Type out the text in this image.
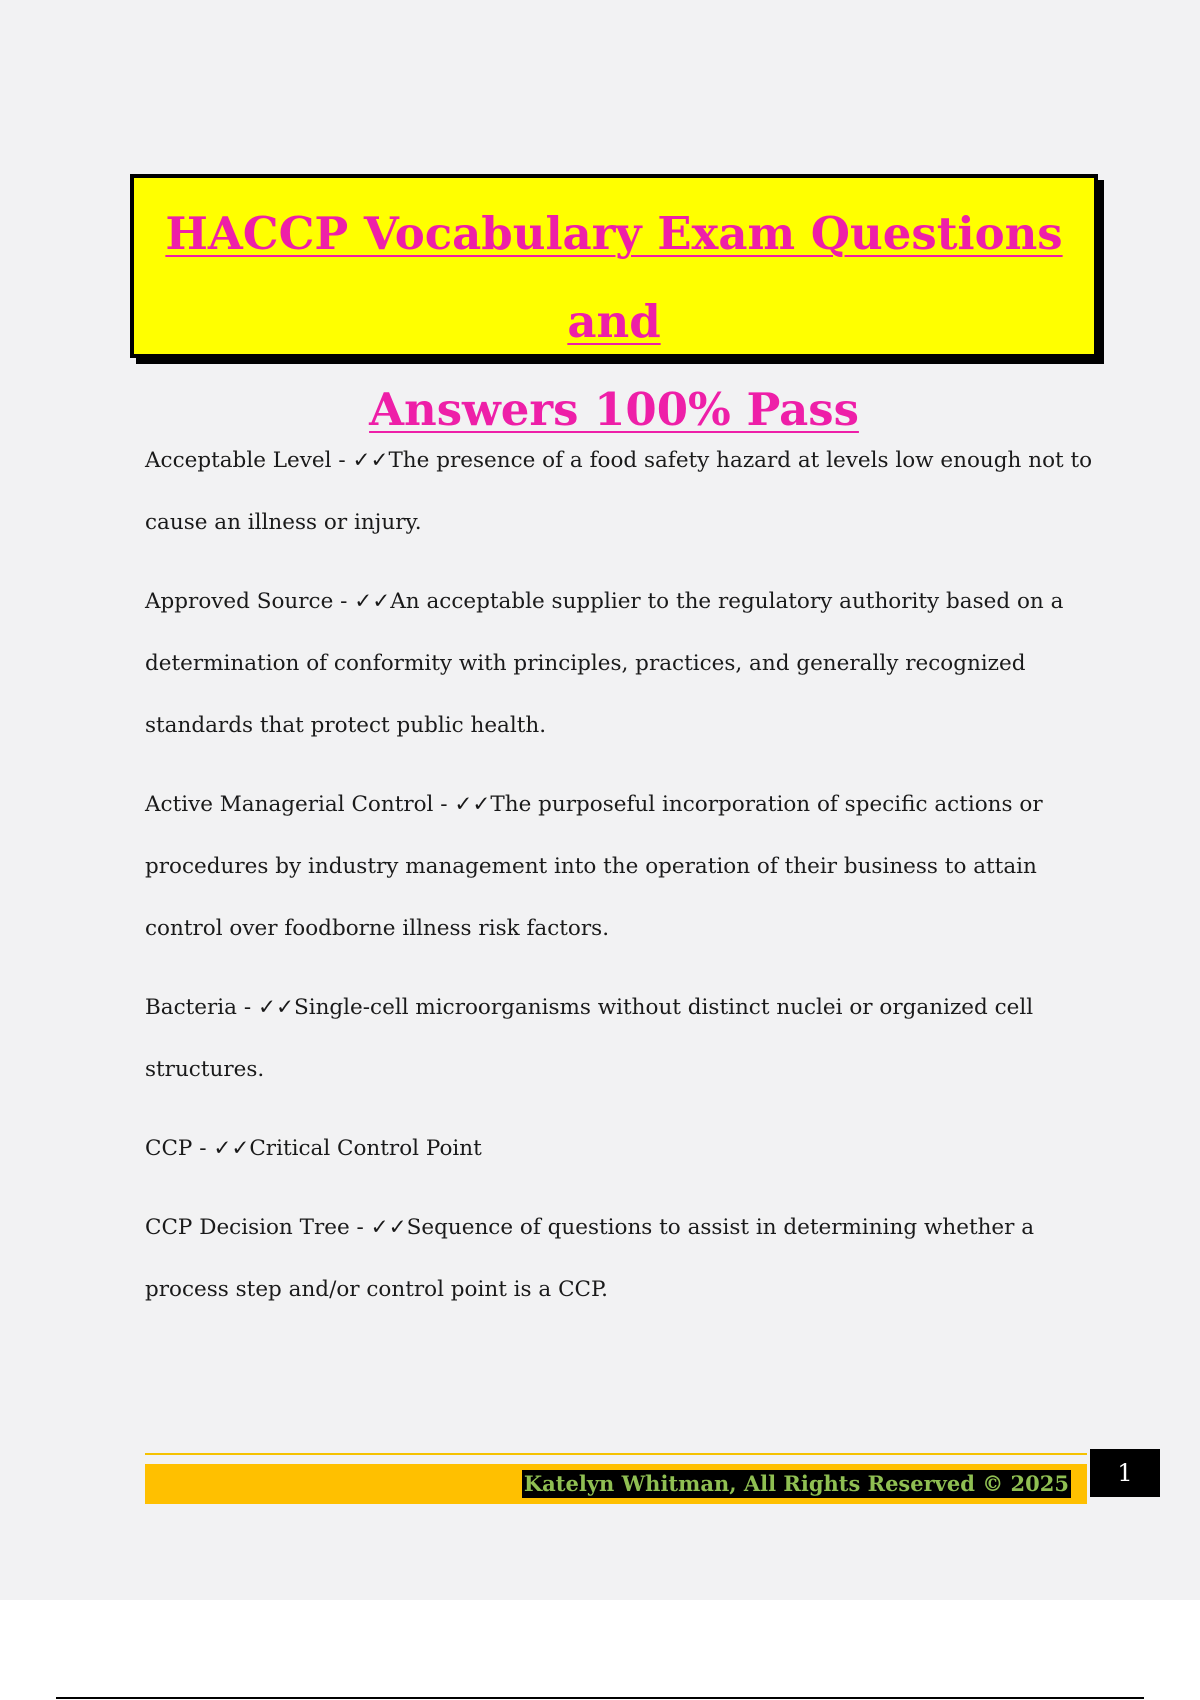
HACCP Vocabulary Exam Questions and
Answers 100% Pass

Acceptable Level - ✓✓The presence of a food safety hazard at levels low enough not to cause an illness or injury.

Approved Source - ✓✓An acceptable supplier to the regulatory authority based on a determination of conformity with principles, practices, and generally recognized standards that protect public health.

Active Managerial Control - ✓✓The purposeful incorporation of specific actions or procedures by industry management into the operation of their business to attain control over foodborne illness risk factors.

Bacteria - ✓✓Single-cell microorganisms without distinct nuclei or organized cell structures.

CCP - ✓✓Critical Control Point

CCP Decision Tree - ✓✓Sequence of questions to assist in determining whether a process step and/or control point is a CCP.

Katelyn Whitman, All Rights Reserved © 2025	1
